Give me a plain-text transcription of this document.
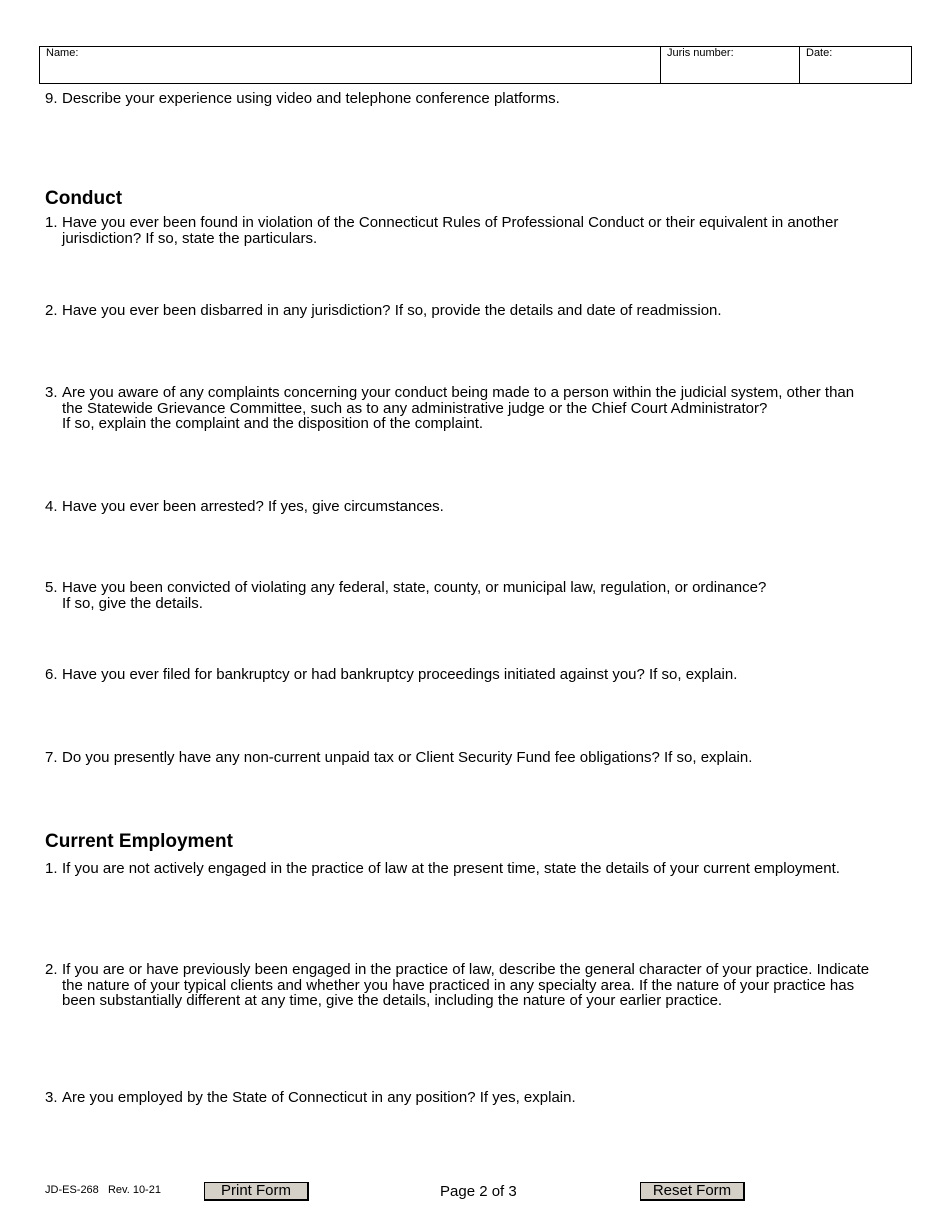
Name:	Juris number:	Date:
9. Describe your experience using video and telephone conference platforms.
Conduct
1. Have you ever been found in violation of the Connecticut Rules of Professional Conduct or their equivalent in another
jurisdiction? If so, state the particulars.
2. Have you ever been disbarred in any jurisdiction? If so, provide the details and date of readmission.
3. Are you aware of any complaints concerning your conduct being made to a person within the judicial system, other than
the Statewide Grievance Committee, such as to any administrative judge or the Chief Court Administrator?
If so, explain the complaint and the disposition of the complaint.
4. Have you ever been arrested? If yes, give circumstances.
5. Have you been convicted of violating any federal, state, county, or municipal law, regulation, or ordinance?
If so, give the details.
6. Have you ever filed for bankruptcy or had bankruptcy proceedings initiated against you? If so, explain.
7. Do you presently have any non-current unpaid tax or Client Security Fund fee obligations? If so, explain.
Current Employment
1. If you are not actively engaged in the practice of law at the present time, state the details of your current employment.
2. If you are or have previously been engaged in the practice of law, describe the general character of your practice. Indicate
the nature of your typical clients and whether you have practiced in any specialty area. If the nature of your practice has
been substantially different at any time, give the details, including the nature of your earlier practice.
3. Are you employed by the State of Connecticut in any position? If yes, explain.
JD-ES-268   Rev. 10-21	Print Form	Page 2 of 3	Reset Form
